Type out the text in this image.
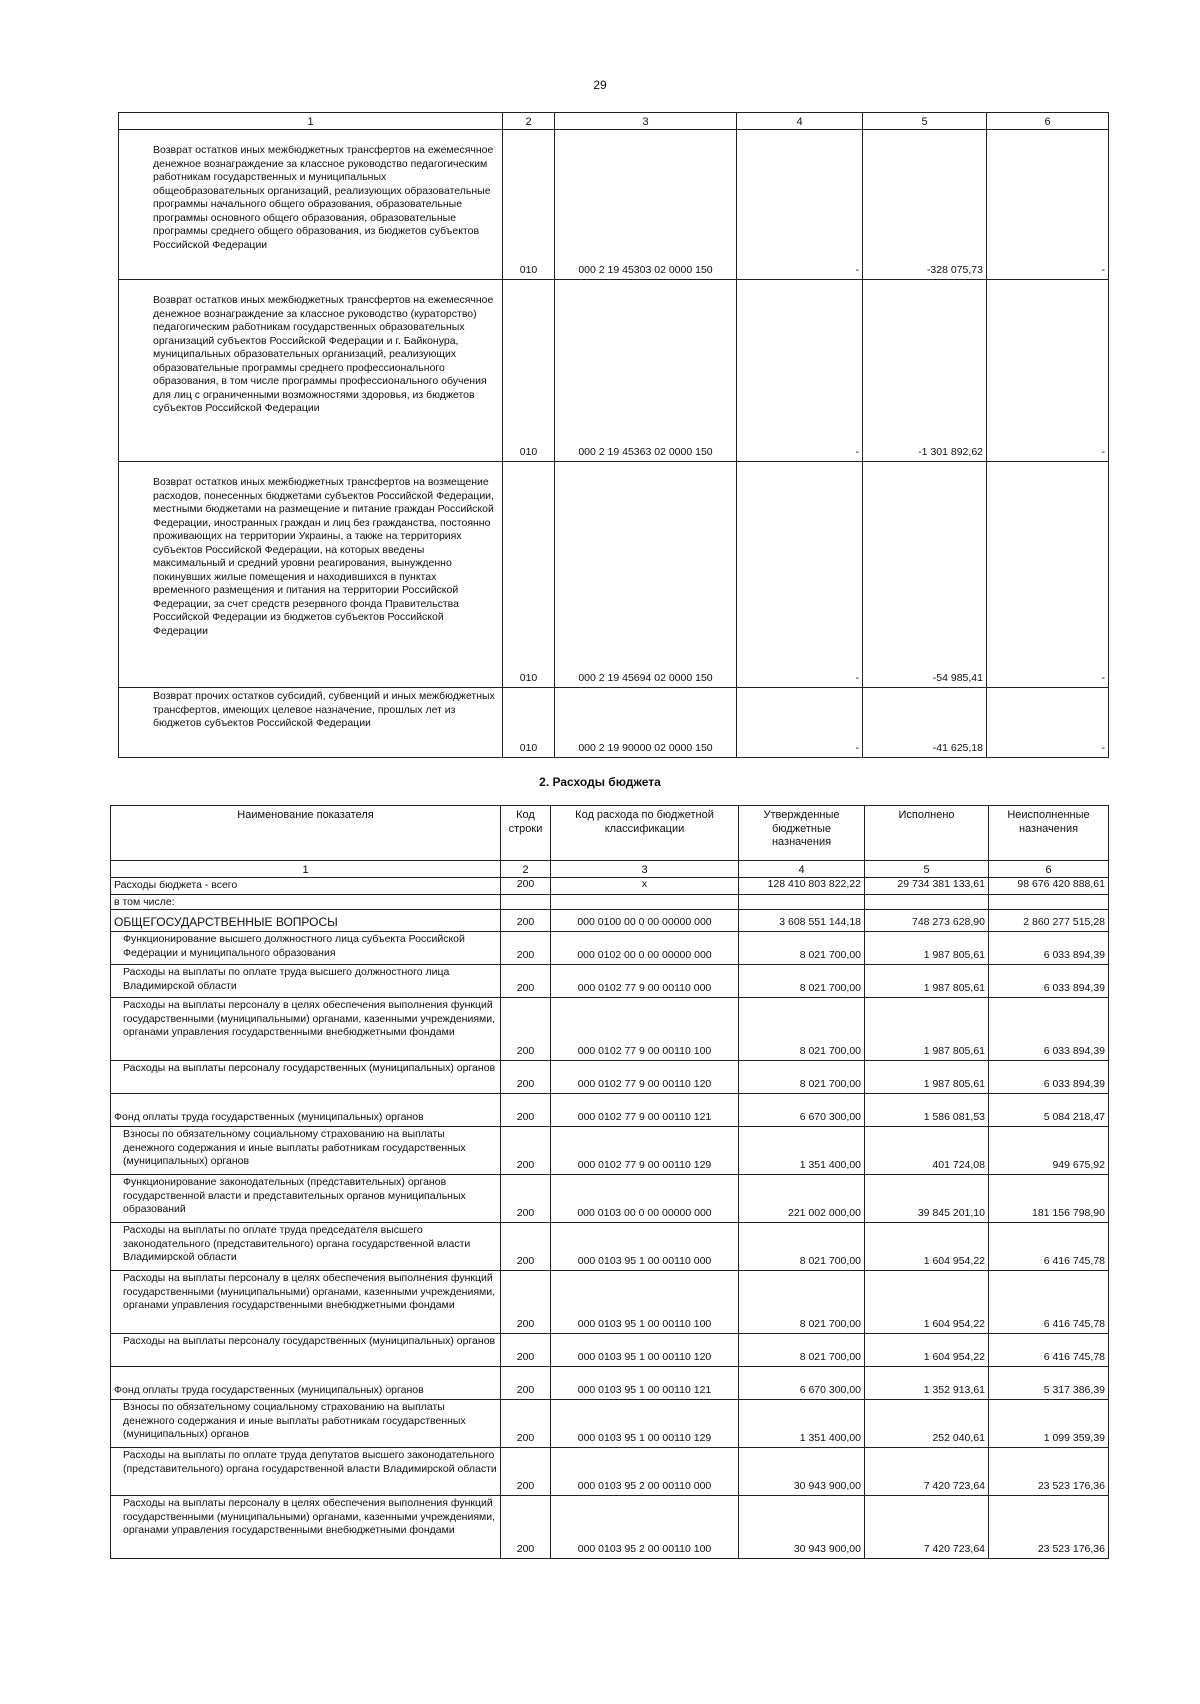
29
1	2	3	4	5	6
Возврат остатков иных межбюджетных трансфертов на ежемесячное денежное вознаграждение за классное руководство педагогическим работникам государственных и муниципальных общеобразовательных организаций, реализующих образовательные программы начального общего образования, образовательные программы основного общего образования, образовательные программы среднего общего образования, из бюджетов субъектов Российской Федерации	010	000 2 19 45303 02 0000 150	-	-328 075,73	-
Возврат остатков иных межбюджетных трансфертов на ежемесячное денежное вознаграждение за классное руководство (кураторство) педагогическим работникам государственных образовательных организаций субъектов Российской Федерации и г. Байконура, муниципальных образовательных организаций, реализующих образовательные программы среднего профессионального образования, в том числе программы профессионального обучения для лиц с ограниченными возможностями здоровья, из бюджетов субъектов Российской Федерации	010	000 2 19 45363 02 0000 150	-	-1 301 892,62	-
Возврат остатков иных межбюджетных трансфертов на возмещение расходов, понесенных бюджетами субъектов Российской Федерации, местными бюджетами на размещение и питание граждан Российской Федерации, иностранных граждан и лиц без гражданства, постоянно проживающих на территории Украины, а также на территориях субъектов Российской Федерации, на которых введены максимальный и средний уровни реагирования, вынужденно покинувших жилые помещения и находившихся в пунктах временного размещения и питания на территории Российской Федерации, за счет средств резервного фонда Правительства Российской Федерации из бюджетов субъектов Российской Федерации	010	000 2 19 45694 02 0000 150	-	-54 985,41	-
Возврат прочих остатков субсидий, субвенций и иных межбюджетных трансфертов, имеющих целевое назначение, прошлых лет из бюджетов субъектов Российской Федерации	010	000 2 19 90000 02 0000 150	-	-41 625,18	-
2. Расходы бюджета
Наименование показателя	Код строки	Код расхода по бюджетной классификации	Утвержденные бюджетные назначения	Исполнено	Неисполненные назначения
1	2	3	4	5	6
Расходы бюджета - всего	200	x	128 410 803 822,22	29 734 381 133,61	98 676 420 888,61
в том числе:					
ОБЩЕГОСУДАРСТВЕННЫЕ ВОПРОСЫ	200	000 0100 00 0 00 00000 000	3 608 551 144,18	748 273 628,90	2 860 277 515,28
Функционирование высшего должностного лица субъекта Российской Федерации и муниципального образования	200	000 0102 00 0 00 00000 000	8 021 700,00	1 987 805,61	6 033 894,39
Расходы на выплаты по оплате труда высшего должностного лица Владимирской области	200	000 0102 77 9 00 00110 000	8 021 700,00	1 987 805,61	6 033 894,39
Расходы на выплаты персоналу в целях обеспечения выполнения функций государственными (муниципальными) органами, казенными учреждениями, органами управления государственными внебюджетными фондами	200	000 0102 77 9 00 00110 100	8 021 700,00	1 987 805,61	6 033 894,39
Расходы на выплаты персоналу государственных (муниципальных) органов	200	000 0102 77 9 00 00110 120	8 021 700,00	1 987 805,61	6 033 894,39
Фонд оплаты труда государственных (муниципальных) органов	200	000 0102 77 9 00 00110 121	6 670 300,00	1 586 081,53	5 084 218,47
Взносы по обязательному социальному страхованию на выплаты денежного содержания и иные выплаты работникам государственных (муниципальных) органов	200	000 0102 77 9 00 00110 129	1 351 400,00	401 724,08	949 675,92
Функционирование законодательных (представительных) органов государственной власти и представительных органов муниципальных образований	200	000 0103 00 0 00 00000 000	221 002 000,00	39 845 201,10	181 156 798,90
Расходы на выплаты по оплате труда председателя высшего законодательного (представительного) органа государственной власти Владимирской области	200	000 0103 95 1 00 00110 000	8 021 700,00	1 604 954,22	6 416 745,78
Расходы на выплаты персоналу в целях обеспечения выполнения функций государственными (муниципальными) органами, казенными учреждениями, органами управления государственными внебюджетными фондами	200	000 0103 95 1 00 00110 100	8 021 700,00	1 604 954,22	6 416 745,78
Расходы на выплаты персоналу государственных (муниципальных) органов	200	000 0103 95 1 00 00110 120	8 021 700,00	1 604 954,22	6 416 745,78
Фонд оплаты труда государственных (муниципальных) органов	200	000 0103 95 1 00 00110 121	6 670 300,00	1 352 913,61	5 317 386,39
Взносы по обязательному социальному страхованию на выплаты денежного содержания и иные выплаты работникам государственных (муниципальных) органов	200	000 0103 95 1 00 00110 129	1 351 400,00	252 040,61	1 099 359,39
Расходы на выплаты по оплате труда депутатов высшего законодательного (представительного) органа государственной власти Владимирской области	200	000 0103 95 2 00 00110 000	30 943 900,00	7 420 723,64	23 523 176,36
Расходы на выплаты персоналу в целях обеспечения выполнения функций государственными (муниципальными) органами, казенными учреждениями, органами управления государственными внебюджетными фондами	200	000 0103 95 2 00 00110 100	30 943 900,00	7 420 723,64	23 523 176,36
